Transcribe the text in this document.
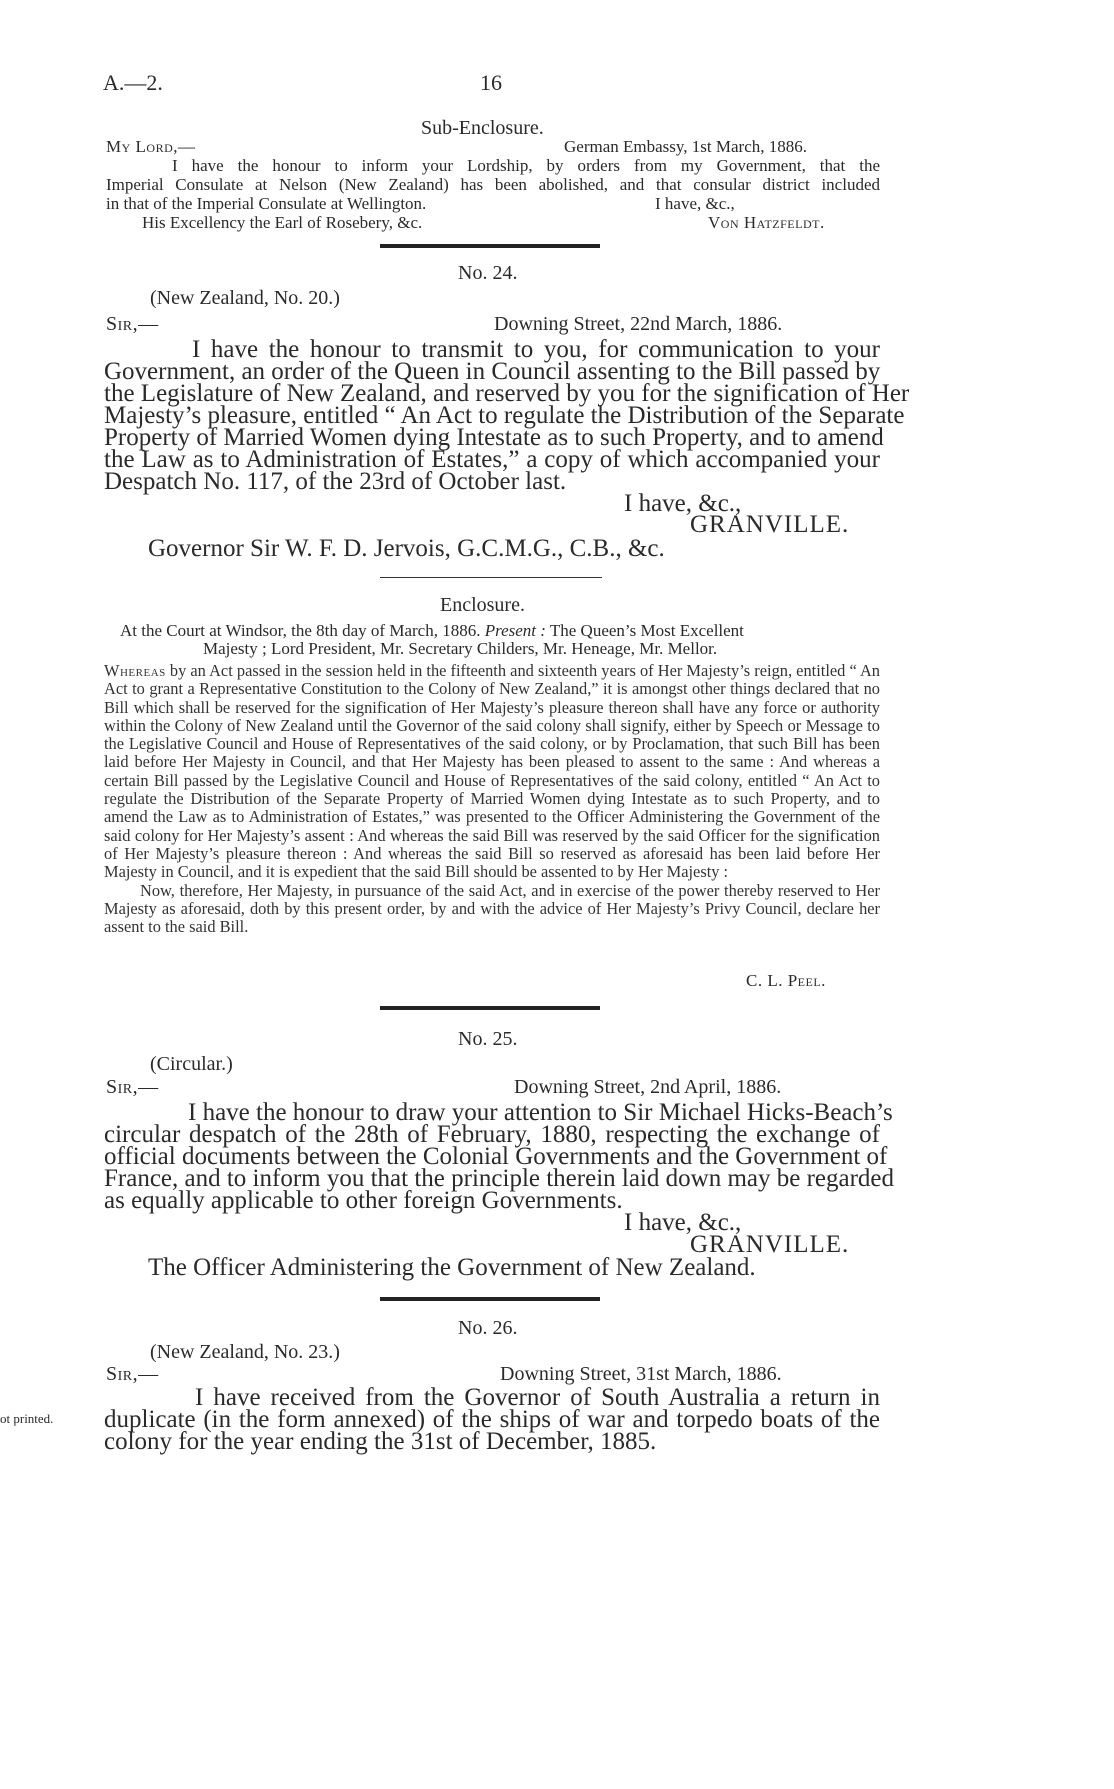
A.—2.	16
Sub-Enclosure.
My Lord,—	German Embassy, 1st March, 1886.
I have the honour to inform your Lordship, by orders from my Government, that the
Imperial Consulate at Nelson (New Zealand) has been abolished, and that consular district included
in that of the Imperial Consulate at Wellington.	I have, &c.,
His Excellency the Earl of Rosebery, &c.	Von Hatzfeldt.
No. 24.
(New Zealand, No. 20.)
Sir,—	Downing Street, 22nd March, 1886.
I have the honour to transmit to you, for communication to your
Government, an order of the Queen in Council assenting to the Bill passed by
the Legislature of New Zealand, and reserved by you for the signification of Her
Majesty’s pleasure, entitled “ An Act to regulate the Distribution of the Separate
Property of Married Women dying Intestate as to such Property, and to amend
the Law as to Administration of Estates,” a copy of which accompanied your
Despatch No. 117, of the 23rd of October last.
I have, &c.,
GRANVILLE.
Governor Sir W. F. D. Jervois, G.C.M.G., C.B., &c.
Enclosure.
At the Court at Windsor, the 8th day of March, 1886. Present : The Queen’s Most Excellent
Majesty ; Lord President, Mr. Secretary Childers, Mr. Heneage, Mr. Mellor.

Whereas by an Act passed in the session held in the fifteenth and sixteenth years of Her Majesty’s reign, entitled “ An Act to grant a Representative Constitution to the Colony of New Zealand,” it is amongst other things declared that no Bill which shall be reserved for the signification of Her Majesty’s pleasure thereon shall have any force or authority within the Colony of New Zealand until the Governor of the said colony shall signify, either by Speech or Message to the Legislative Council and House of Representatives of the said colony, or by Proclamation, that such Bill has been laid before Her Majesty in Council, and that Her Majesty has been pleased to assent to the same : And whereas a certain Bill passed by the Legislative Council and House of Representatives of the said colony, entitled “ An Act to regulate the Distribution of the Separate Property of Married Women dying Intestate as to such Property, and to amend the Law as to Administration of Estates,” was presented to the Officer Administering the Government of the said colony for Her Majesty’s assent : And whereas the said Bill was reserved by the said Officer for the signification of Her Majesty’s pleasure thereon : And whereas the said Bill so reserved as aforesaid has been laid before Her Majesty in Council, and it is expedient that the said Bill should be assented to by Her Majesty :

Now, therefore, Her Majesty, in pursuance of the said Act, and in exercise of the power thereby reserved to Her Majesty as aforesaid, doth by this present order, by and with the advice of Her Majesty’s Privy Council, declare her assent to the said Bill.

C. L. Peel.
No. 25.
(Circular.)
Sir,—	Downing Street, 2nd April, 1886.
I have the honour to draw your attention to Sir Michael Hicks-Beach’s
circular despatch of the 28th of February, 1880, respecting the exchange of
official documents between the Colonial Governments and the Government of
France, and to inform you that the principle therein laid down may be regarded
as equally applicable to other foreign Governments.
I have, &c.,
GRANVILLE.
The Officer Administering the Government of New Zealand.
No. 26.
(New Zealand, No. 23.)
Sir,—	Downing Street, 31st March, 1886.
I have received from the Governor of South Australia a return in
duplicate (in the form annexed) of the ships of war and torpedo boats of the
colony for the year ending the 31st of December, 1885.
ot printed.
